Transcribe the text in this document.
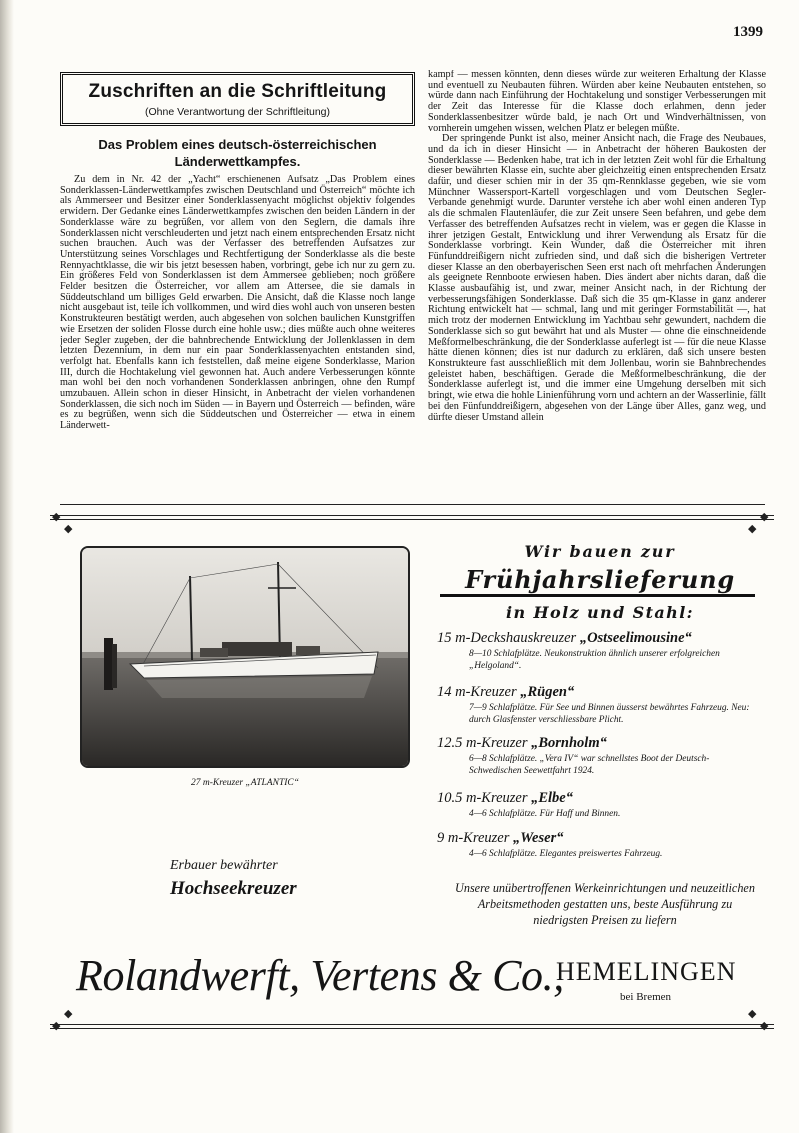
1399
Zuschriften an die Schriftleitung
(Ohne Verantwortung der Schriftleitung)
Das Problem eines deutsch-österreichischen Länderwettkampfes.

Zu dem in Nr. 42 der „Yacht“ erschienenen Aufsatz „Das Problem eines Sonderklassen-Länderwettkampfes zwischen Deutschland und Österreich“ möchte ich als Ammerseer und Besitzer einer Sonderklassenyacht möglichst objektiv folgendes erwidern. Der Gedanke eines Länderwettkampfes zwischen den beiden Ländern in der Sonderklasse wäre zu begrüßen, vor allem von den Seglern, die damals ihre Sonderklassen nicht verschleuderten und jetzt nach einem entsprechenden Ersatz nicht suchen brauchen. Auch was der Verfasser des betreffenden Aufsatzes zur Unterstützung seines Vorschlages und Rechtfertigung der Sonderklasse als die beste Rennyachtklasse, die wir bis jetzt besessen haben, vorbringt, gebe ich nur zu gern zu. Ein größeres Feld von Sonderklassen ist dem Ammersee geblieben; noch größere Felder besitzen die Österreicher, vor allem am Attersee, die sie damals in Süddeutschland um billiges Geld erwarben. Die Ansicht, daß die Klasse noch lange nicht ausgebaut ist, teile ich vollkommen, und wird dies wohl auch von unseren besten Konstrukteuren bestätigt werden, auch abgesehen von solchen baulichen Kunstgriffen wie Ersetzen der soliden Flosse durch eine hohle usw.; dies müßte auch ohne weiteres jeder Segler zugeben, der die bahnbrechende Entwicklung der Jollenklassen in dem letzten Dezennium, in dem nur ein paar Sonderklassenyachten entstanden sind, verfolgt hat. Ebenfalls kann ich feststellen, daß meine eigene Sonderklasse, Marion III, durch die Hochtakelung viel gewonnen hat. Auch andere Verbesserungen könnte man wohl bei den noch vorhandenen Sonderklassen anbringen, ohne den Rumpf umzubauen. Allein schon in dieser Hinsicht, in Anbetracht der vielen vorhandenen Sonderklassen, die sich noch im Süden — in Bayern und Österreich — befinden, wäre es zu begrüßen, wenn sich die Süddeutschen und Österreicher — etwa in einem Länderwett-

kampf — messen könnten, denn dieses würde zur weiteren Erhaltung der Klasse und eventuell zu Neubauten führen. Würden aber keine Neubauten entstehen, so würde dann nach Einführung der Hochtakelung und sonstiger Verbesserungen mit der Zeit das Interesse für die Klasse doch erlahmen, denn jeder Sonderklassenbesitzer würde bald, je nach Ort und Windverhältnissen, von vornherein umgehen wissen, welchen Platz er belegen müßte.

Der springende Punkt ist also, meiner Ansicht nach, die Frage des Neubaues, und da ich in dieser Hinsicht — in Anbetracht der höheren Baukosten der Sonderklasse — Bedenken habe, trat ich in der letzten Zeit wohl für die Erhaltung dieser bewährten Klasse ein, suchte aber gleichzeitig einen entsprechenden Ersatz dafür, und dieser schien mir in der 35 qm-Rennklasse gegeben, wie sie vom Münchner Wassersport-Kartell vorgeschlagen und vom Deutschen Segler-Verbande genehmigt wurde. Darunter verstehe ich aber wohl einen anderen Typ als die schmalen Flautenläufer, die zur Zeit unsere Seen befahren, und gebe dem Verfasser des betreffenden Aufsatzes recht in vielem, was er gegen die Klasse in ihrer jetzigen Gestalt, Entwicklung und ihrer Verwendung als Ersatz für die Sonderklasse vorbringt. Kein Wunder, daß die Österreicher mit ihren Fünfunddreißigern nicht zufrieden sind, und daß sich die bisherigen Vertreter dieser Klasse an den oberbayerischen Seen erst nach oft mehrfachen Änderungen als geeignete Rennboote erwiesen haben. Dies ändert aber nichts daran, daß die Klasse ausbaufähig ist, und zwar, meiner Ansicht nach, in der Richtung der verbesserungsfähigen Sonderklasse. Daß sich die 35 qm-Klasse in ganz anderer Richtung entwickelt hat — schmal, lang und mit geringer Formstabilität —, hat mich trotz der modernen Entwicklung im Yachtbau sehr gewundert, nachdem die Sonderklasse sich so gut bewährt hat und als Muster — ohne die einschneidende Meßformelbeschränkung, die der Sonderklasse auferlegt ist — für die neue Klasse hätte dienen können; dies ist nur dadurch zu erklären, daß sich unsere besten Konstrukteure fast ausschließlich mit dem Jollenbau, worin sie Bahnbrechendes geleistet haben, beschäftigen. Gerade die Meßformelbeschränkung, die der Sonderklasse auferlegt ist, und die immer eine Umgehung derselben mit sich bringt, wie etwa die hohle Linienführung vorn und achtern an der Wasserlinie, fällt bei den Fünfunddreißigern, abgesehen von der Länge über Alles, ganz weg, und dürfte dieser Umstand allein

◆
◆
◆
◆
27 m-Kreuzer „ATLANTIC“
Erbauer bewährter
Hochseekreuzer
Wir bauen zur
Frühjahrslieferung
in Holz und Stahl:
15 m-Deckshauskreuzer „Ostseelimousine“
8—10 Schlafplätze. Neukonstruktion ähnlich unserer erfolgreichen „Helgoland“.
14 m-Kreuzer „Rügen“
7—9 Schlafplätze. Für See und Binnen äusserst bewährtes Fahrzeug. Neu: durch Glasfenster verschliessbare Plicht.
12.5 m-Kreuzer „Bornholm“
6—8 Schlafplätze. „Vera IV“ war schnellstes Boot der Deutsch-Schwedischen Seewettfahrt 1924.
10.5 m-Kreuzer „Elbe“
4—6 Schlafplätze. Für Haff und Binnen.
9 m-Kreuzer „Weser“
4—6 Schlafplätze. Elegantes preiswertes Fahrzeug.
Unsere unübertroffenen Werkeinrichtungen und neuzeitlichen Arbeitsmethoden gestatten uns, beste Ausführung zu niedrigsten Preisen zu liefern
Rolandwerft, Vertens & Co.,
HEMELINGEN
bei Bremen
◆
◆
◆
◆
